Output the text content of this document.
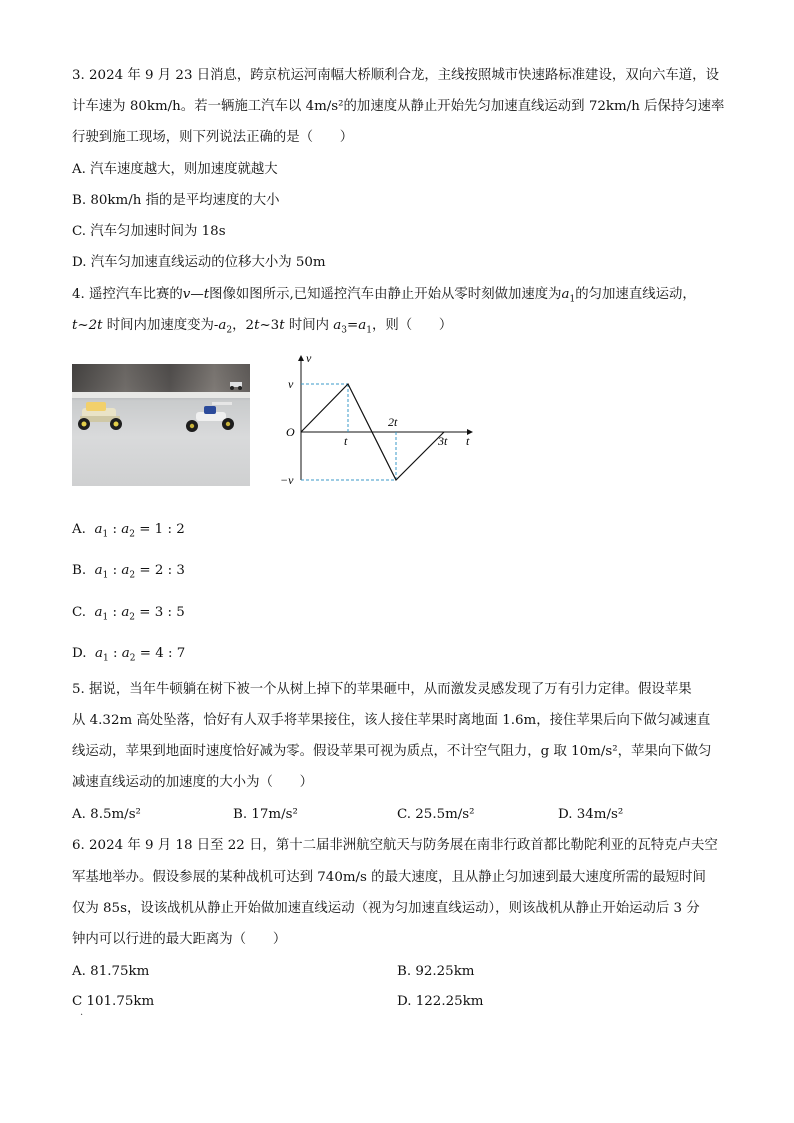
3. 2024 年 9 月 23 日消息，跨京杭运河南幅大桥顺利合龙，主线按照城市快速路标准建设，双向六车道，设
计车速为 80km/h。若一辆施工汽车以 4m/s²的加速度从静止开始先匀加速直线运动到 72km/h 后保持匀速率
行驶到施工现场，则下列说法正确的是（　　）
A. 汽车速度越大，则加速度就越大
B. 80km/h 指的是平均速度的大小
C. 汽车匀加速时间为 18s
D. 汽车匀加速直线运动的位移大小为 50m
4. 遥控汽车比赛的v—t图像如图所示,已知遥控汽车由静止开始从零时刻做加速度为$a_1$的匀加速直线运动，
t~2t 时间内加速度变为$-a_2$，2t~3t 时间内 $a_3=a_1$，则（　　）
v
t
O
v
−v
t
2t
3t
A. $a_1$ : $a_2 = 1$ : 2
B. $a_1$ : $a_2 = 2$ : 3
C. $a_1$ : $a_2 = 3$ : 5
D. $a_1$ : $a_2 = 4$ : 7
5. 据说，当年牛顿躺在树下被一个从树上掉下的苹果砸中，从而激发灵感发现了万有引力定律。假设苹果
从 4.32m 高处坠落，恰好有人双手将苹果接住，该人接住苹果时离地面 1.6m，接住苹果后向下做匀减速直
线运动，苹果到地面时速度恰好减为零。假设苹果可视为质点，不计空气阻力，g 取 10m/s²，苹果向下做匀
减速直线运动的加速度的大小为（　　）
A. 8.5m/s²	B. 17m/s²	C. 25.5m/s²	D. 34m/s²
6. 2024 年 9 月 18 日至 22 日，第十二届非洲航空航天与防务展在南非行政首都比勒陀利亚的瓦特克卢夫空
军基地举办。假设参展的某种战机可达到 740m/s 的最大速度，且从静止匀加速到最大速度所需的最短时间
仅为 85s，设该战机从静止开始做加速直线运动（视为匀加速直线运动），则该战机从静止开始运动后 3 分
钟内可以行进的最大距离为（　　）
A. 81.75km	B. 92.25km
C 101.75km	D. 122.25km
·
